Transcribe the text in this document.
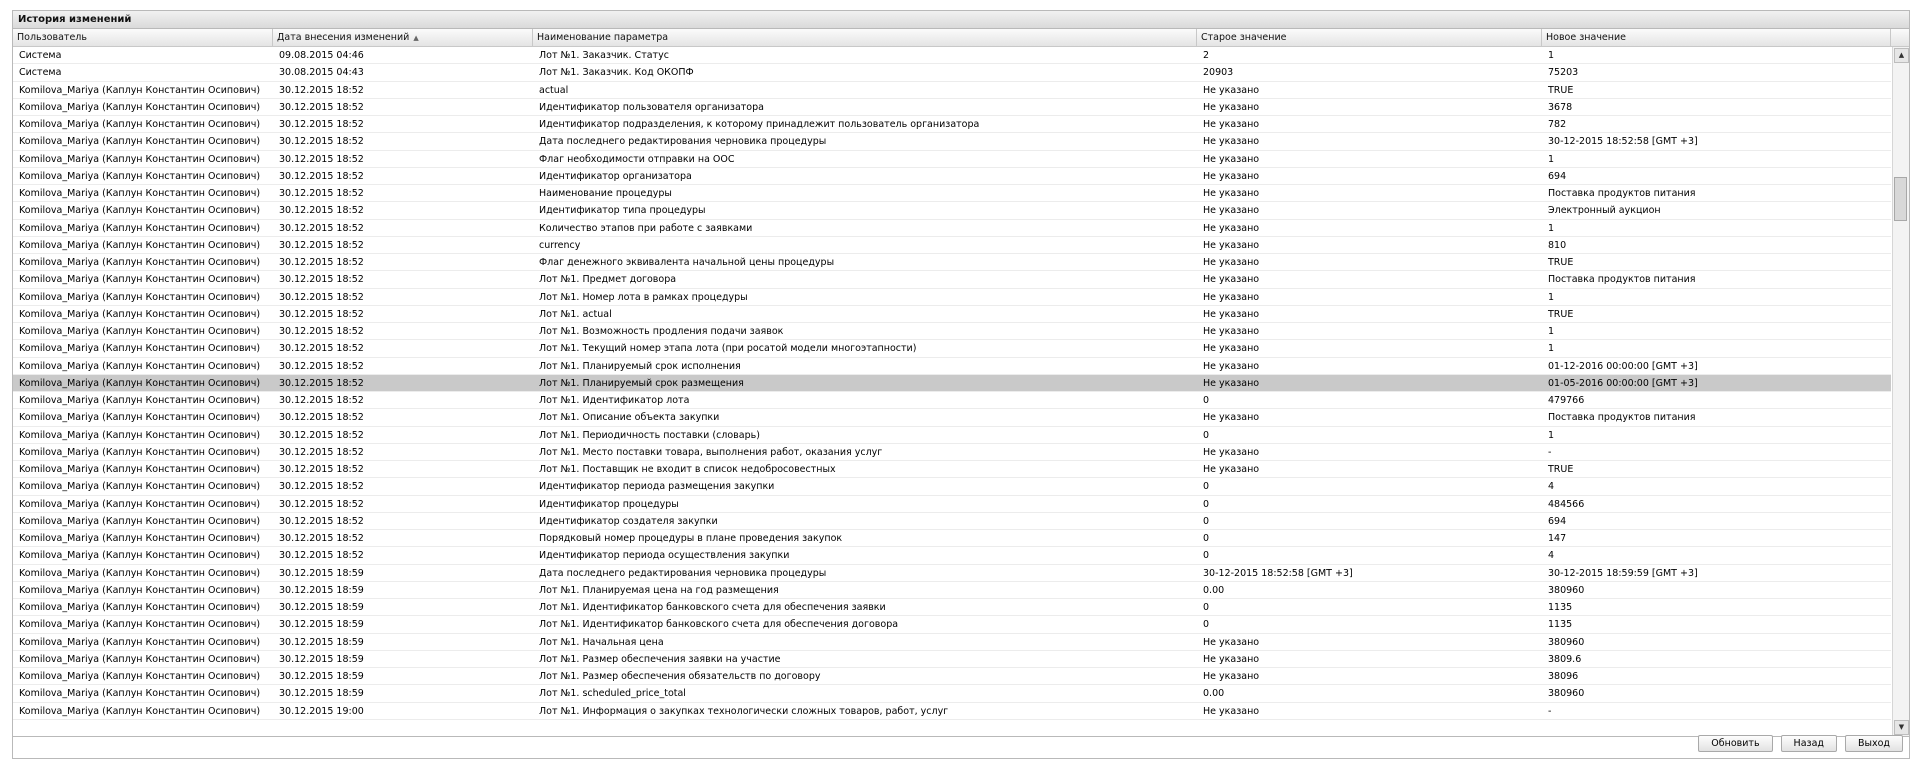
История изменений
Пользователь	Дата внесения изменений ▲	Наименование параметра	Старое значение	Новое значение
Система	09.08.2015 04:46	Лот №1. Заказчик. Статус	2	1
Система	30.08.2015 04:43	Лот №1. Заказчик. Код ОКОПФ	20903	75203
Komilova_Mariya (Каплун Константин Осипович)	30.12.2015 18:52	actual	Не указано	TRUE
Komilova_Mariya (Каплун Константин Осипович)	30.12.2015 18:52	Идентификатор пользователя организатора	Не указано	3678
Komilova_Mariya (Каплун Константин Осипович)	30.12.2015 18:52	Идентификатор подразделения, к которому принадлежит пользователь организатора	Не указано	782
Komilova_Mariya (Каплун Константин Осипович)	30.12.2015 18:52	Дата последнего редактирования черновика процедуры	Не указано	30-12-2015 18:52:58 [GMT +3]
Komilova_Mariya (Каплун Константин Осипович)	30.12.2015 18:52	Флаг необходимости отправки на ООС	Не указано	1
Komilova_Mariya (Каплун Константин Осипович)	30.12.2015 18:52	Идентификатор организатора	Не указано	694
Komilova_Mariya (Каплун Константин Осипович)	30.12.2015 18:52	Наименование процедуры	Не указано	Поставка продуктов питания
Komilova_Mariya (Каплун Константин Осипович)	30.12.2015 18:52	Идентификатор типа процедуры	Не указано	Электронный аукцион
Komilova_Mariya (Каплун Константин Осипович)	30.12.2015 18:52	Количество этапов при работе с заявками	Не указано	1
Komilova_Mariya (Каплун Константин Осипович)	30.12.2015 18:52	currency	Не указано	810
Komilova_Mariya (Каплун Константин Осипович)	30.12.2015 18:52	Флаг денежного эквивалента начальной цены процедуры	Не указано	TRUE
Komilova_Mariya (Каплун Константин Осипович)	30.12.2015 18:52	Лот №1. Предмет договора	Не указано	Поставка продуктов питания
Komilova_Mariya (Каплун Константин Осипович)	30.12.2015 18:52	Лот №1. Номер лота в рамках процедуры	Не указано	1
Komilova_Mariya (Каплун Константин Осипович)	30.12.2015 18:52	Лот №1. actual	Не указано	TRUE
Komilova_Mariya (Каплун Константин Осипович)	30.12.2015 18:52	Лот №1. Возможность продления подачи заявок	Не указано	1
Komilova_Mariya (Каплун Константин Осипович)	30.12.2015 18:52	Лот №1. Текущий номер этапа лота (при росатой модели многоэтапности)	Не указано	1
Komilova_Mariya (Каплун Константин Осипович)	30.12.2015 18:52	Лот №1. Планируемый срок исполнения	Не указано	01-12-2016 00:00:00 [GMT +3]
Komilova_Mariya (Каплун Константин Осипович)	30.12.2015 18:52	Лот №1. Планируемый срок размещения	Не указано	01-05-2016 00:00:00 [GMT +3]
Komilova_Mariya (Каплун Константин Осипович)	30.12.2015 18:52	Лот №1. Идентификатор лота	0	479766
Komilova_Mariya (Каплун Константин Осипович)	30.12.2015 18:52	Лот №1. Описание объекта закупки	Не указано	Поставка продуктов питания
Komilova_Mariya (Каплун Константин Осипович)	30.12.2015 18:52	Лот №1. Периодичность поставки (словарь)	0	1
Komilova_Mariya (Каплун Константин Осипович)	30.12.2015 18:52	Лот №1. Место поставки товара, выполнения работ, оказания услуг	Не указано	-
Komilova_Mariya (Каплун Константин Осипович)	30.12.2015 18:52	Лот №1. Поставщик не входит в список недобросовестных	Не указано	TRUE
Komilova_Mariya (Каплун Константин Осипович)	30.12.2015 18:52	Идентификатор периода размещения закупки	0	4
Komilova_Mariya (Каплун Константин Осипович)	30.12.2015 18:52	Идентификатор процедуры	0	484566
Komilova_Mariya (Каплун Константин Осипович)	30.12.2015 18:52	Идентификатор создателя закупки	0	694
Komilova_Mariya (Каплун Константин Осипович)	30.12.2015 18:52	Порядковый номер процедуры в плане проведения закупок	0	147
Komilova_Mariya (Каплун Константин Осипович)	30.12.2015 18:52	Идентификатор периода осуществления закупки	0	4
Komilova_Mariya (Каплун Константин Осипович)	30.12.2015 18:59	Дата последнего редактирования черновика процедуры	30-12-2015 18:52:58 [GMT +3]	30-12-2015 18:59:59 [GMT +3]
Komilova_Mariya (Каплун Константин Осипович)	30.12.2015 18:59	Лот №1. Планируемая цена на год размещения	0.00	380960
Komilova_Mariya (Каплун Константин Осипович)	30.12.2015 18:59	Лот №1. Идентификатор банковского счета для обеспечения заявки	0	1135
Komilova_Mariya (Каплун Константин Осипович)	30.12.2015 18:59	Лот №1. Идентификатор банковского счета для обеспечения договора	0	1135
Komilova_Mariya (Каплун Константин Осипович)	30.12.2015 18:59	Лот №1. Начальная цена	Не указано	380960
Komilova_Mariya (Каплун Константин Осипович)	30.12.2015 18:59	Лот №1. Размер обеспечения заявки на участие	Не указано	3809.6
Komilova_Mariya (Каплун Константин Осипович)	30.12.2015 18:59	Лот №1. Размер обеспечения обязательств по договору	Не указано	38096
Komilova_Mariya (Каплун Константин Осипович)	30.12.2015 18:59	Лот №1. scheduled_price_total	0.00	380960
Komilova_Mariya (Каплун Константин Осипович)	30.12.2015 19:00	Лот №1. Информация о закупках технологически сложных товаров, работ, услуг	Не указано	-
▲
▼
Обновить	Назад	Выход
